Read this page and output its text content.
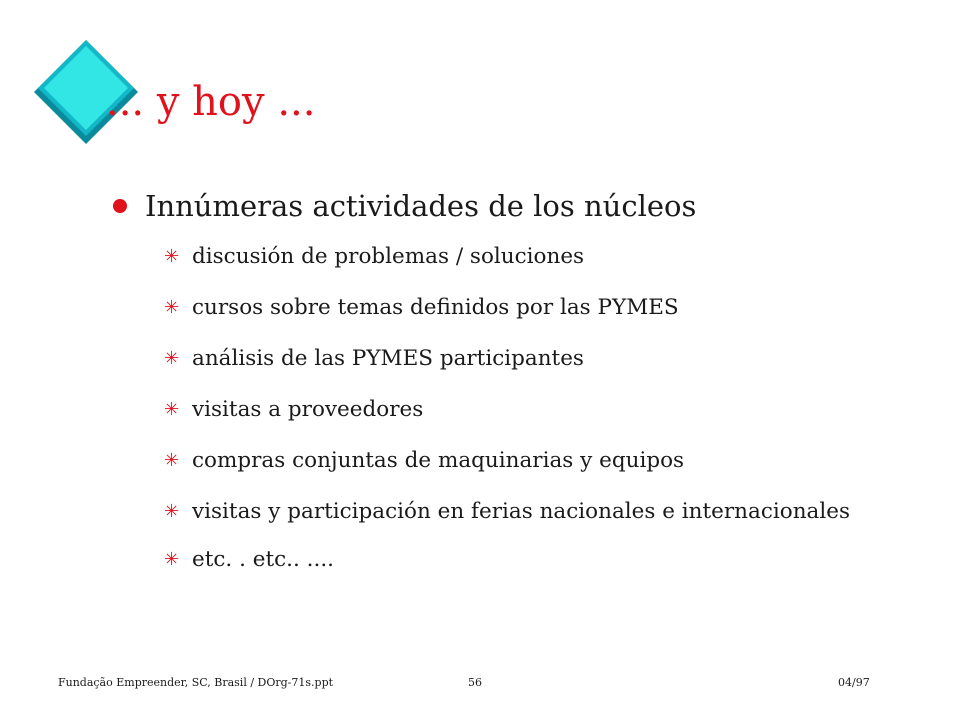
... y hoy ...
Innúmeras actividades de los núcleos
✳ discusión de problemas / soluciones
✳ cursos sobre temas definidos por las PYMES
✳ análisis de las PYMES participantes
✳ visitas a proveedores
✳ compras conjuntas de maquinarias y equipos
✳ visitas y participación en ferias nacionales e internacionales
✳ etc. . etc.. ....
Fundação Empreender, SC, Brasil / DOrg-71s.ppt	56	04/97
